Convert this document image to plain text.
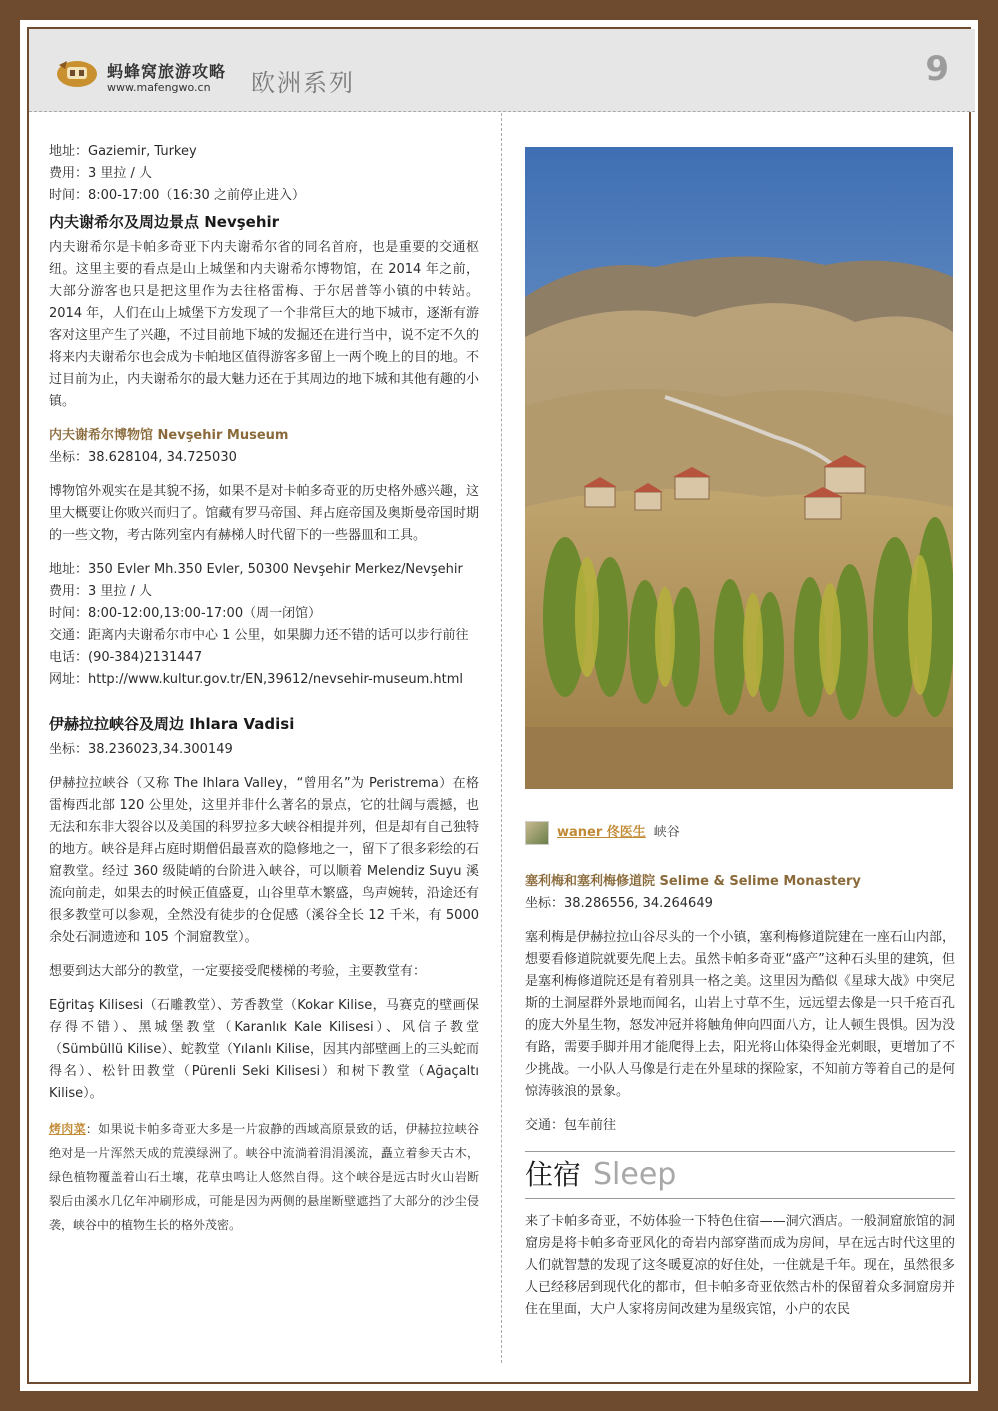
蚂蜂窝旅游攻略
www.mafengwo.cn 欧洲系列	9

地址：Gaziemir, Turkey

费用：3 里拉 / 人

时间：8:00-17:00（16:30 之前停止进入）

内夫谢希尔及周边景点 Nevşehir

内夫谢希尔是卡帕多奇亚下内夫谢希尔省的同名首府，也是重要的交通枢纽。这里主要的看点是山上城堡和内夫谢希尔博物馆，在 2014 年之前，大部分游客也只是把这里作为去往格雷梅、于尔居普等小镇的中转站。2014 年，人们在山上城堡下方发现了一个非常巨大的地下城市，逐渐有游客对这里产生了兴趣，不过目前地下城的发掘还在进行当中，说不定不久的将来内夫谢希尔也会成为卡帕地区值得游客多留上一两个晚上的目的地。不过目前为止，内夫谢希尔的最大魅力还在于其周边的地下城和其他有趣的小镇。

内夫谢希尔博物馆 Nevşehir Museum

坐标：38.628104, 34.725030

博物馆外观实在是其貌不扬，如果不是对卡帕多奇亚的历史格外感兴趣，这里大概要让你败兴而归了。馆藏有罗马帝国、拜占庭帝国及奥斯曼帝国时期的一些文物，考古陈列室内有赫梯人时代留下的一些器皿和工具。

地址：350 Evler Mh.350 Evler, 50300 Nevşehir Merkez/Nevşehir

费用：3 里拉 / 人

时间：8:00-12:00,13:00-17:00（周一闭馆）

交通：距离内夫谢希尔市中心 1 公里，如果脚力还不错的话可以步行前往

电话：(90-384)2131447

网址：http://www.kultur.gov.tr/EN,39612/nevsehir-museum.html

伊赫拉拉峡谷及周边 Ihlara Vadisi

坐标：38.236023,34.300149

伊赫拉拉峡谷（又称 The Ihlara Valley，“曾用名”为 Peristrema）在格雷梅西北部 120 公里处，这里并非什么著名的景点，它的壮阔与震撼，也无法和东非大裂谷以及美国的科罗拉多大峡谷相提并列，但是却有自己独特的地方。峡谷是拜占庭时期僧侣最喜欢的隐修地之一，留下了很多彩绘的石窟教堂。经过 360 级陡峭的台阶进入峡谷，可以顺着 Melendiz Suyu 溪流向前走，如果去的时候正值盛夏，山谷里草木繁盛，鸟声婉转，沿途还有很多教堂可以参观，全然没有徒步的仓促感（溪谷全长 12 千米，有 5000 余处石洞遗迹和 105 个洞窟教堂）。

想要到达大部分的教堂，一定要接受爬楼梯的考验，主要教堂有：

Eğritaş Kilisesi（石雕教堂）、芳香教堂（Kokar Kilise，马赛克的壁画保存得不错）、黑城堡教堂（Karanlık Kale Kilisesi）、风信子教堂（Sümbüllü Kilise）、蛇教堂（Yılanlı Kilise，因其内部壁画上的三头蛇而得名）、松针田教堂（Pürenli Seki Kilisesi）和树下教堂（Ağaçaltı Kilise）。

烤肉菜：如果说卡帕多奇亚大多是一片寂静的西域高原景致的话，伊赫拉拉峡谷绝对是一片浑然天成的荒漠绿洲了。峡谷中流淌着涓涓溪流，矗立着参天古木，绿色植物覆盖着山石土壤，花草虫鸣让人悠然自得。这个峡谷是远古时火山岩断裂后由溪水几亿年冲刷形成，可能是因为两侧的悬崖断壁遮挡了大部分的沙尘侵袭，峡谷中的植物生长的格外茂密。

waner 佟医生 峡谷
塞利梅和塞利梅修道院 Selime & Selime Monastery

坐标：38.286556, 34.264649

塞利梅是伊赫拉拉山谷尽头的一个小镇，塞利梅修道院建在一座石山内部，想要看修道院就要先爬上去。虽然卡帕多奇亚“盛产”这种石头里的建筑，但是塞利梅修道院还是有着别具一格之美。这里因为酷似《星球大战》中突尼斯的土洞屋群外景地而闻名，山岩上寸草不生，远远望去像是一只千疮百孔的庞大外星生物，怒发冲冠并将触角伸向四面八方，让人顿生畏惧。因为没有路，需要手脚并用才能爬得上去，阳光将山体染得金光刺眼，更增加了不少挑战。一小队人马像是行走在外星球的探险家，不知前方等着自己的是何惊涛骇浪的景象。

交通：包车前往

住宿 Sleep

来了卡帕多奇亚，不妨体验一下特色住宿——洞穴酒店。一般洞窟旅馆的洞窟房是将卡帕多奇亚风化的奇岩内部穿凿而成为房间，早在远古时代这里的人们就智慧的发现了这冬暖夏凉的好住处，一住就是千年。现在，虽然很多人已经移居到现代化的都市，但卡帕多奇亚依然古朴的保留着众多洞窟房并住在里面，大户人家将房间改建为星级宾馆，小户的农民
